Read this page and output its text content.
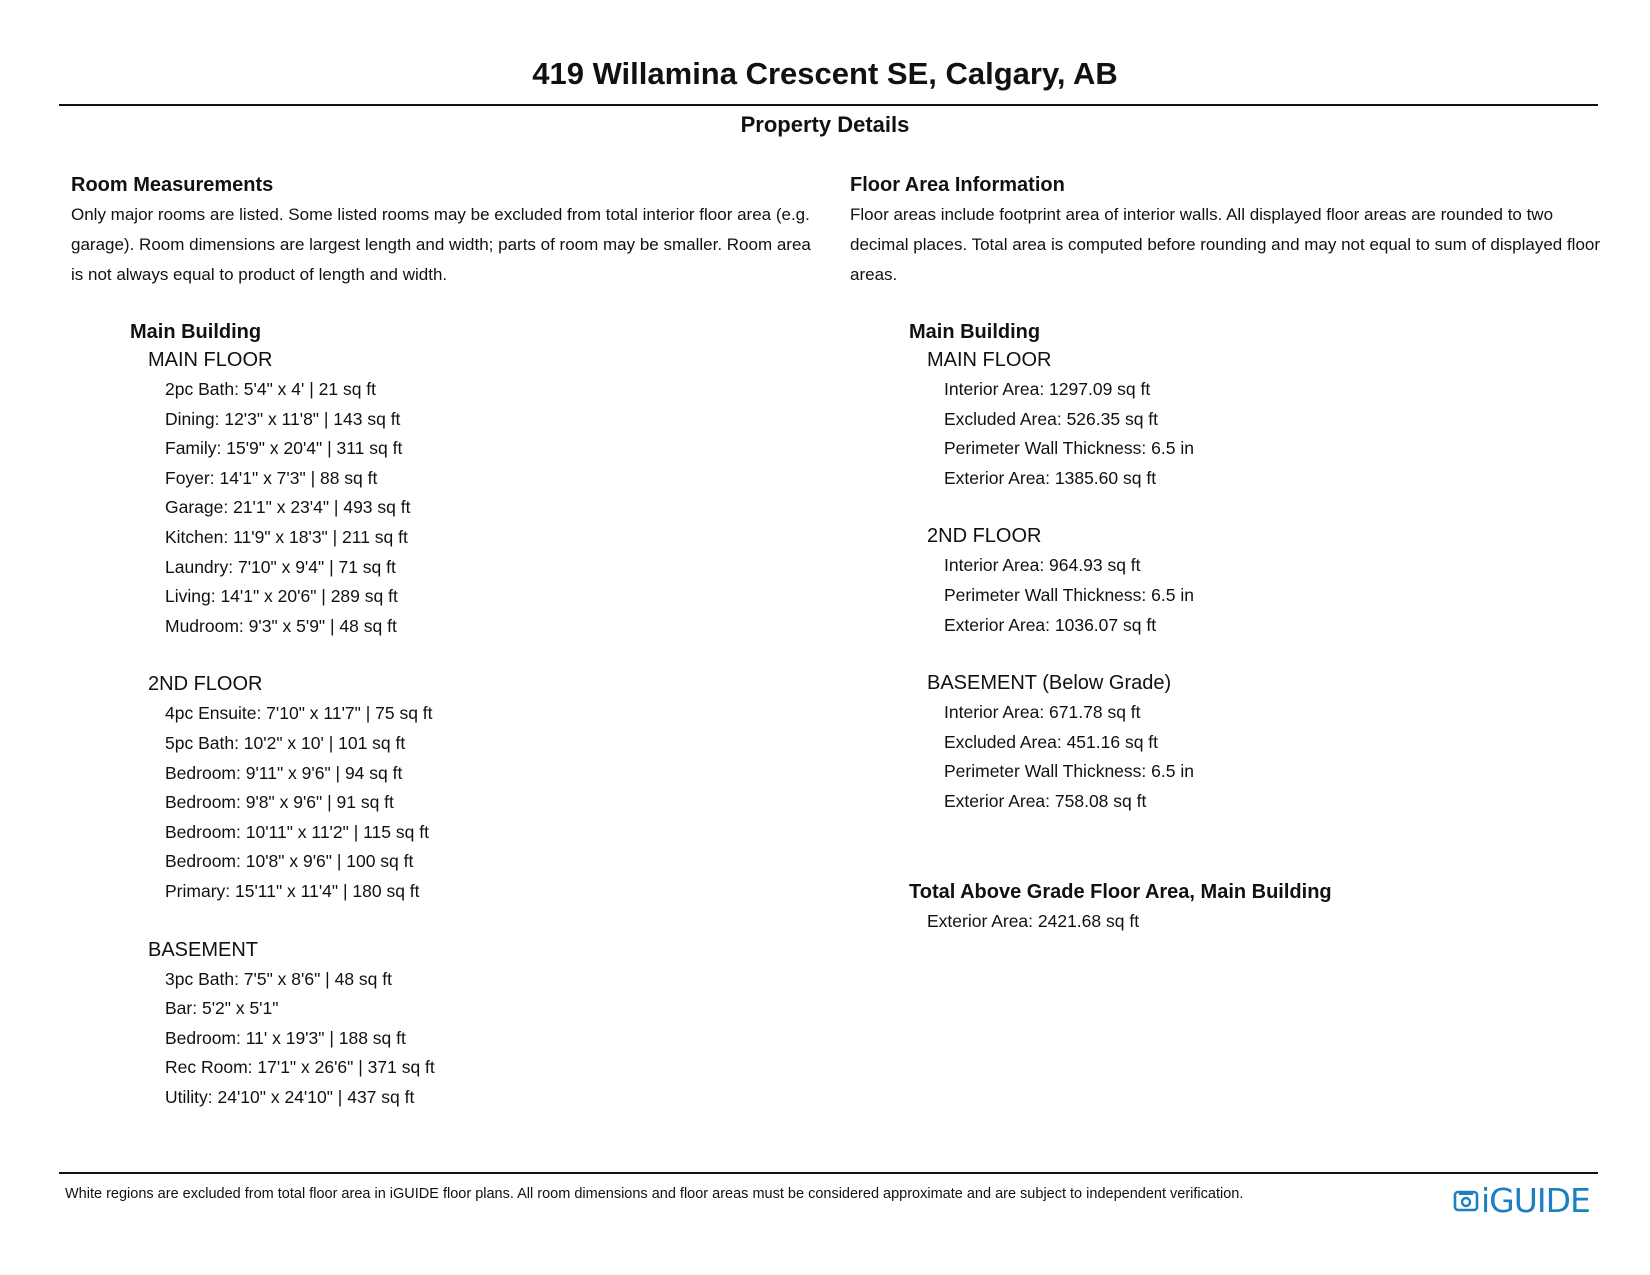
419 Willamina Crescent SE, Calgary, AB
Property Details

Room Measurements

Only major rooms are listed. Some listed rooms may be excluded from total interior floor area (e.g. garage). Room dimensions are largest length and width; parts of room may be smaller. Room area is not always equal to product of length and width.

Main Building

MAIN FLOOR
2pc Bath: 5'4" x 4' | 21 sq ft
Dining: 12'3" x 11'8" | 143 sq ft
Family: 15'9" x 20'4" | 311 sq ft
Foyer: 14'1" x 7'3" | 88 sq ft
Garage: 21'1" x 23'4" | 493 sq ft
Kitchen: 11'9" x 18'3" | 211 sq ft
Laundry: 7'10" x 9'4" | 71 sq ft
Living: 14'1" x 20'6" | 289 sq ft
Mudroom: 9'3" x 5'9" | 48 sq ft
2ND FLOOR
4pc Ensuite: 7'10" x 11'7" | 75 sq ft
5pc Bath: 10'2" x 10' | 101 sq ft
Bedroom: 9'11" x 9'6" | 94 sq ft
Bedroom: 9'8" x 9'6" | 91 sq ft
Bedroom: 10'11" x 11'2" | 115 sq ft
Bedroom: 10'8" x 9'6" | 100 sq ft
Primary: 15'11" x 11'4" | 180 sq ft
BASEMENT
3pc Bath: 7'5" x 8'6" | 48 sq ft
Bar: 5'2" x 5'1"
Bedroom: 11' x 19'3" | 188 sq ft
Rec Room: 17'1" x 26'6" | 371 sq ft
Utility: 24'10" x 24'10" | 437 sq ft

Floor Area Information

Floor areas include footprint area of interior walls. All displayed floor areas are rounded to two decimal places. Total area is computed before rounding and may not equal to sum of displayed floor areas.

Main Building

MAIN FLOOR
Interior Area: 1297.09 sq ft
Excluded Area: 526.35 sq ft
Perimeter Wall Thickness: 6.5 in
Exterior Area: 1385.60 sq ft
2ND FLOOR
Interior Area: 964.93 sq ft
Perimeter Wall Thickness: 6.5 in
Exterior Area: 1036.07 sq ft
BASEMENT (Below Grade)
Interior Area: 671.78 sq ft
Excluded Area: 451.16 sq ft
Perimeter Wall Thickness: 6.5 in
Exterior Area: 758.08 sq ft

Total Above Grade Floor Area, Main Building

Exterior Area: 2421.68 sq ft

White regions are excluded from total floor area in iGUIDE floor plans. All room dimensions and floor areas must be considered approximate and are subject to independent verification.	iGUIDE
